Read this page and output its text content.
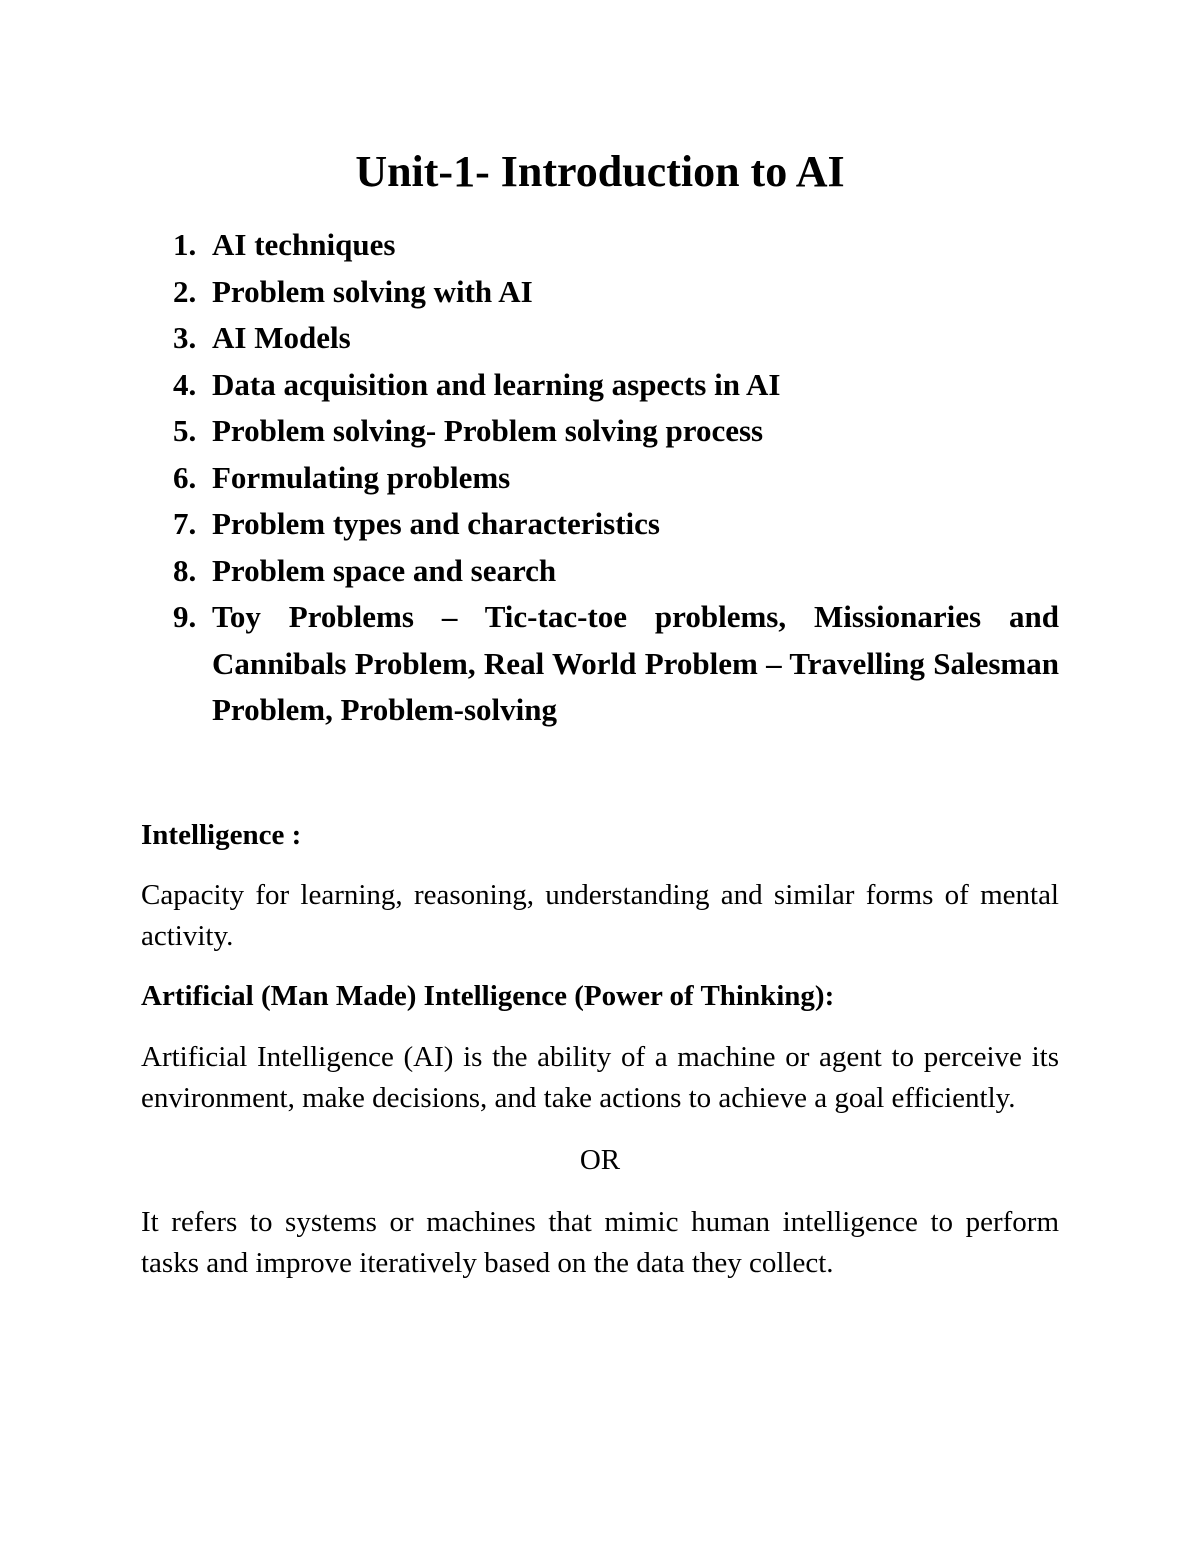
Unit-1- Introduction to AI
1. AI techniques
2. Problem solving with AI
3. AI Models
4. Data acquisition and learning aspects in AI
5. Problem solving- Problem solving process
6. Formulating problems
7. Problem types and characteristics
8. Problem space and search
9. Toy Problems – Tic-tac-toe problems, Missionaries and Cannibals Problem, Real World Problem – Travelling Salesman Problem, Problem-solving

Intelligence :

Capacity for learning, reasoning, understanding and similar forms of mental activity.

Artificial (Man Made) Intelligence (Power of Thinking):

Artificial Intelligence (AI) is the ability of a machine or agent to perceive its environment, make decisions, and take actions to achieve a goal efficiently.

OR

It refers to systems or machines that mimic human intelligence to perform tasks and improve iteratively based on the data they collect.
